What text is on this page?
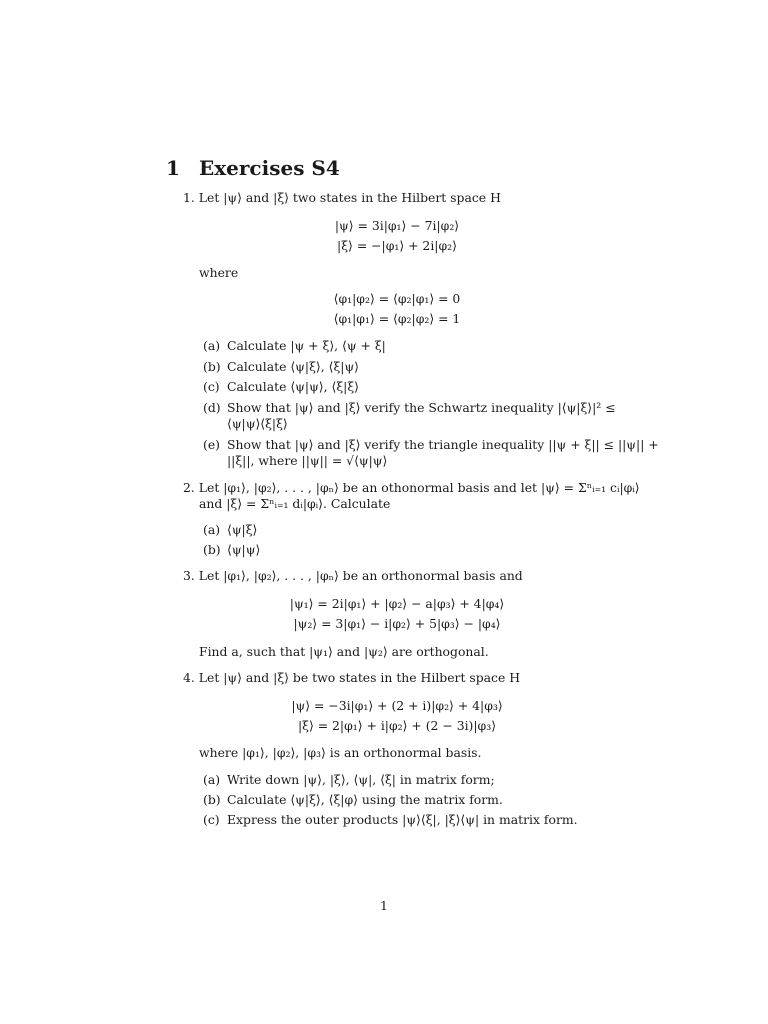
1 Exercises S4
1. Let |ψ⟩ and |ξ⟩ two states in the Hilbert space H
|ψ⟩ = 3i|φ₁⟩ − 7i|φ₂⟩
|ξ⟩ = −|φ₁⟩ + 2i|φ₂⟩
where
⟨φ₁|φ₂⟩ = ⟨φ₂|φ₁⟩ = 0
⟨φ₁|φ₁⟩ = ⟨φ₂|φ₂⟩ = 1
(a) Calculate |ψ + ξ⟩, ⟨ψ + ξ|
(b) Calculate ⟨ψ|ξ⟩, ⟨ξ|ψ⟩
(c) Calculate ⟨ψ|ψ⟩, ⟨ξ|ξ⟩
(d) Show that |ψ⟩ and |ξ⟩ verify the Schwartz inequality |⟨ψ|ξ⟩|² ≤
⟨ψ|ψ⟩⟨ξ|ξ⟩
(e) Show that |ψ⟩ and |ξ⟩ verify the triangle inequality ||ψ + ξ|| ≤ ||ψ|| +
||ξ||, where ||ψ|| = √⟨ψ|ψ⟩
2. Let |φ₁⟩, |φ₂⟩, . . . , |φₙ⟩ be an othonormal basis and let |ψ⟩ = Σⁿᵢ₌₁ cᵢ|φᵢ⟩
and |ξ⟩ = Σⁿᵢ₌₁ dᵢ|φᵢ⟩. Calculate
(a) ⟨ψ|ξ⟩
(b) ⟨ψ|ψ⟩
3. Let |φ₁⟩, |φ₂⟩, . . . , |φₙ⟩ be an orthonormal basis and
|ψ₁⟩ = 2i|φ₁⟩ + |φ₂⟩ − a|φ₃⟩ + 4|φ₄⟩
|ψ₂⟩ = 3|φ₁⟩ − i|φ₂⟩ + 5|φ₃⟩ − |φ₄⟩
Find a, such that |ψ₁⟩ and |ψ₂⟩ are orthogonal.
4. Let |ψ⟩ and |ξ⟩ be two states in the Hilbert space H
|ψ⟩ = −3i|φ₁⟩ + (2 + i)|φ₂⟩ + 4|φ₃⟩
|ξ⟩ = 2|φ₁⟩ + i|φ₂⟩ + (2 − 3i)|φ₃⟩
where |φ₁⟩, |φ₂⟩, |φ₃⟩ is an orthonormal basis.
(a) Write down |ψ⟩, |ξ⟩, ⟨ψ|, ⟨ξ| in matrix form;
(b) Calculate ⟨ψ|ξ⟩, ⟨ξ|φ⟩ using the matrix form.
(c) Express the outer products |ψ⟩⟨ξ|, |ξ⟩⟨ψ| in matrix form.
1
